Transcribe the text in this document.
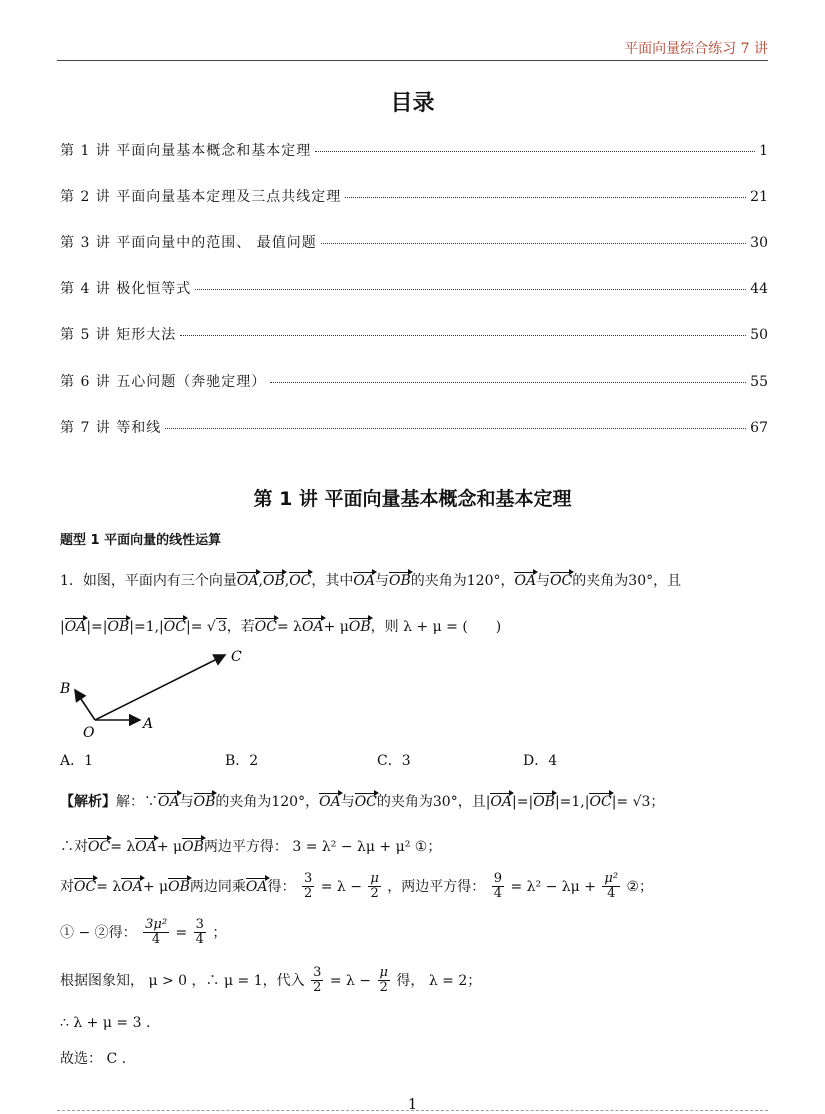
平面向量综合练习 7 讲
目录
第 1 讲 平面向量基本概念和基本定理	1
第 2 讲 平面向量基本定理及三点共线定理	21
第 3 讲 平面向量中的范围、 最值问题	30
第 4 讲 极化恒等式	44
第 5 讲 矩形大法	50
第 6 讲 五心问题（奔驰定理）	55
第 7 讲 等和线	67
第 1 讲 平面向量基本概念和基本定理
题型 1 平面向量的线性运算
1．如图，平面内有三个向量OA,OB,OC，其中OA与OB的夹角为120°，OA与OC的夹角为30°，且
|OA|=|OB|=1,|OC|= √ 3，若OC= λOA+ μOB，则 λ + μ = (　　)
C
B
A
O
A．1	B．2	C．3	D．4
【解析】解：∵OA与OB的夹角为120°，OA与OC的夹角为30°，且|OA|=|OB|=1,|OC|= √3；
∴对OC= λOA+ μOB两边平方得： 3 = λ² − λμ + μ² ①；
对OC= λOA+ μOB两边同乘OA得： $\frac{3}{2} = \lambda - \frac{\mu}{2}$ ，两边平方得： $\frac{9}{4} = \lambda^2 - \lambda\mu + \frac{\text{μ²}}{4}$ ②；
① − ②得： $\frac{\text{3μ²}}{4} = \frac{3}{4}$ ；
根据图象知， μ > 0 ，∴ μ = 1，代入 $\frac{3}{2} = \lambda - \frac{\mu}{2}$ 得， λ = 2；
∴ λ + μ = 3 .
故选： C .
1
